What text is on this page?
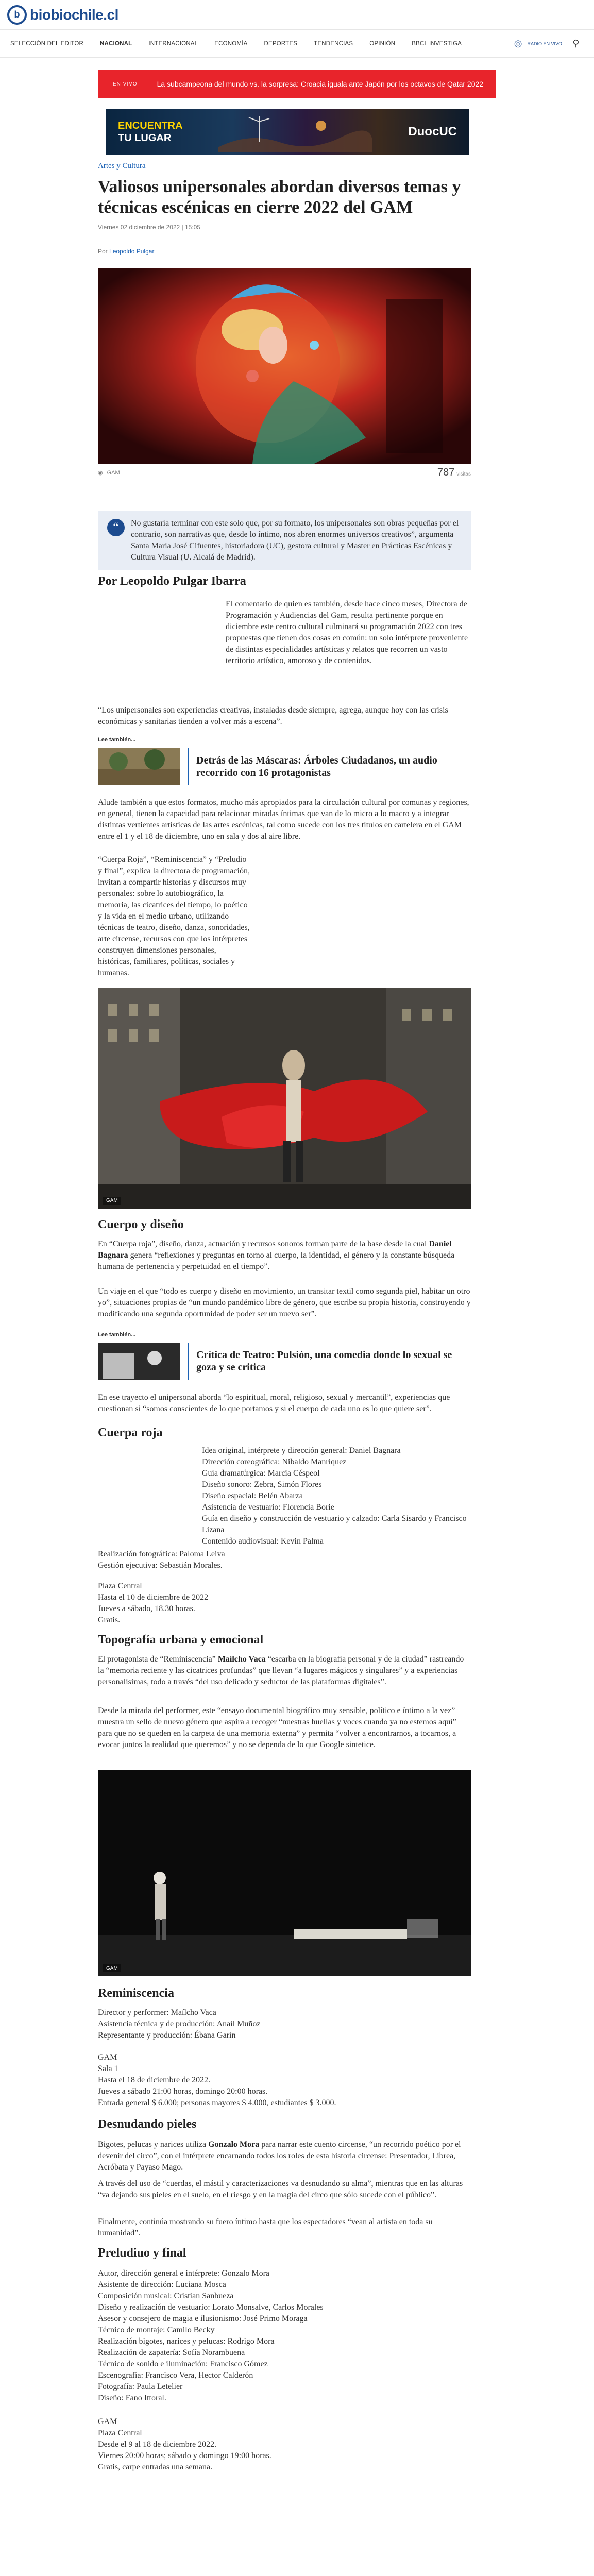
b biobiochile.cl
SELECCIÓN DEL EDITOR	NACIONAL	INTERNACIONAL	ECONOMÍA	DEPORTES	TENDENCIAS	OPINIÓN	BBCL INVESTIGA	◎ RADIO EN VIVO	⚲
EN VIVO	La subcampeona del mundo vs. la sorpresa: Croacia iguala ante Japón por los octavos de Qatar 2022
ENCUENTRA
TU LUGAR	DuocUC
Artes y Cultura
Valiosos unipersonales abordan diversos temas y técnicas escénicas en cierre 2022 del GAM
Viernes 02 diciembre de 2022 | 15:05
Por Leopoldo Pulgar
◉ GAM	787 visitas
“	No gustaría terminar con este solo que, por su formato, los unipersonales son obras pequeñas por el contrario, son narrativas que, desde lo íntimo, nos abren enormes universos creativos”, argumenta Santa María José Cifuentes, historiadora (UC), gestora cultural y Master en Prácticas Escénicas y Cultura Visual (U. Alcalá de Madrid).
Por Leopoldo Pulgar Ibarra

El comentario de quien es también, desde hace cinco meses, Directora de Programación y Audiencias del Gam, resulta pertinente porque en diciembre este centro cultural culminará su programación 2022 con tres propuestas que tienen dos cosas en común: un solo intérprete proveniente de distintas especialidades artísticas y relatos que recorren un vasto territorio artístico, amoroso y de contenidos.

“Los unipersonales son experiencias creativas, instaladas desde siempre, agrega, aunque hoy con las crisis económicas y sanitarias tienden a volver más a escena”.

Lee también...
Detrás de las Máscaras: Árboles Ciudadanos, un audio recorrido con 16 protagonistas

Alude también a que estos formatos, mucho más apropiados para la circulación cultural por comunas y regiones, en general, tienen la capacidad para relacionar miradas íntimas que van de lo micro a lo macro y a integrar distintas vertientes artísticas de las artes escénicas, tal como sucede con los tres títulos en cartelera en el GAM entre el 1 y el 18 de diciembre, uno en sala y dos al aire libre.

“Cuerpa Roja”, “Reminiscencia” y “Preludio y final”, explica la directora de programación, invitan a compartir historias y discursos muy personales: sobre lo autobiográfico, la memoria, las cicatrices del tiempo, lo poético y la vida en el medio urbano, utilizando técnicas de teatro, diseño, danza, sonoridades, arte circense, recursos con que los intérpretes construyen dimensiones personales, históricas, familiares, políticas, sociales y humanas.

GAM
Cuerpo y diseño

En “Cuerpa roja”, diseño, danza, actuación y recursos sonoros forman parte de la base desde la cual Daniel Bagnara genera “reflexiones y preguntas en torno al cuerpo, la identidad, el género y la constante búsqueda humana de pertenencia y perpetuidad en el tiempo”.

Un viaje en el que “todo es cuerpo y diseño en movimiento, un transitar textil como segunda piel, habitar un otro yo”, situaciones propias de “un mundo pandémico libre de género, que escribe su propia historia, construyendo y modificando una segunda oportunidad de poder ser un nuevo ser”.

Lee también...
Crítica de Teatro: Pulsión, una comedia donde lo sexual se goza y se critica

En ese trayecto el unipersonal aborda “lo espiritual, moral, religioso, sexual y mercantil”, experiencias que cuestionan si “somos conscientes de lo que portamos y si el cuerpo de cada uno es lo que quiere ser”.

Cuerpa roja
Idea original, intérprete y dirección general: Daniel Bagnara
Dirección coreográfica: Nibaldo Manríquez
Guía dramatúrgica: Marcia Céspeol
Diseño sonoro: Zebra, Simón Flores
Diseño espacial: Belén Abarza
Asistencia de vestuario: Florencia Borie
Guía en diseño y construcción de vestuario y calzado: Carla Sisardo y Francisco Lizana
Contenido audiovisual: Kevin Palma
Realización fotográfica: Paloma Leiva
Gestión ejecutiva: Sebastián Morales.
Plaza Central
Hasta el 10 de diciembre de 2022
Jueves a sábado, 18.30 horas.
Gratis.
Topografía urbana y emocional

El protagonista de “Reminiscencia” Maílcho Vaca “escarba en la biografía personal y de la ciudad” rastreando la “memoria reciente y las cicatrices profundas” que llevan “a lugares mágicos y singulares” y a experiencias personalísimas, todo a través “del uso delicado y seductor de las plataformas digitales”.

Desde la mirada del performer, este “ensayo documental biográfico muy sensible, político e íntimo a la vez” muestra un sello de nuevo género que aspira a recoger “nuestras huellas y voces cuando ya no estemos aquí” para que no se queden en la carpeta de una memoria externa” y permita “volver a encontrarnos, a tocarnos, a evocar juntos la realidad que queremos” y no se dependa de lo que Google sintetice.

GAM
Reminiscencia
Director y performer: Maílcho Vaca
Asistencia técnica y de producción: Anaíl Muñoz
Representante y producción: Ébana Garín
GAM
Sala 1
Hasta el 18 de diciembre de 2022.
Jueves a sábado 21:00 horas, domingo 20:00 horas.
Entrada general $ 6.000; personas mayores $ 4.000, estudiantes $ 3.000.
Desnudando pieles

Bigotes, pelucas y narices utiliza Gonzalo Mora para narrar este cuento circense, “un recorrido poético por el devenir del circo”, con el intérprete encarnando todos los roles de esta historia circense: Presentador, Librea, Acróbata y Payaso Mago.

A través del uso de “cuerdas, el mástil y caracterizaciones va desnudando su alma”, mientras que en las alturas “va dejando sus pieles en el suelo, en el riesgo y en la magia del circo que sólo sucede con el público”.

Finalmente, continúa mostrando su fuero íntimo hasta que los espectadores “vean al artista en toda su humanidad”.

Preludiuo y final
Autor, dirección general e intérprete: Gonzalo Mora
Asistente de dirección: Luciana Mosca
Composición musical: Cristian Sanbueza
Diseño y realización de vestuario: Lorato Monsalve, Carlos Morales
Asesor y consejero de magia e ilusionismo: José Primo Moraga
Técnico de montaje: Camilo Becky
Realización bigotes, narices y pelucas: Rodrigo Mora
Realización de zapatería: Sofía Norambuena
Técnico de sonido e iluminación: Francisco Gómez
Escenografía: Francisco Vera, Hector Calderón
Fotografía: Paula Letelier
Diseño: Fano Ittoral.
GAM
Plaza Central
Desde el 9 al 18 de diciembre 2022.
Viernes 20:00 horas; sábado y domingo 19:00 horas.
Gratis, carpe entradas una semana.
